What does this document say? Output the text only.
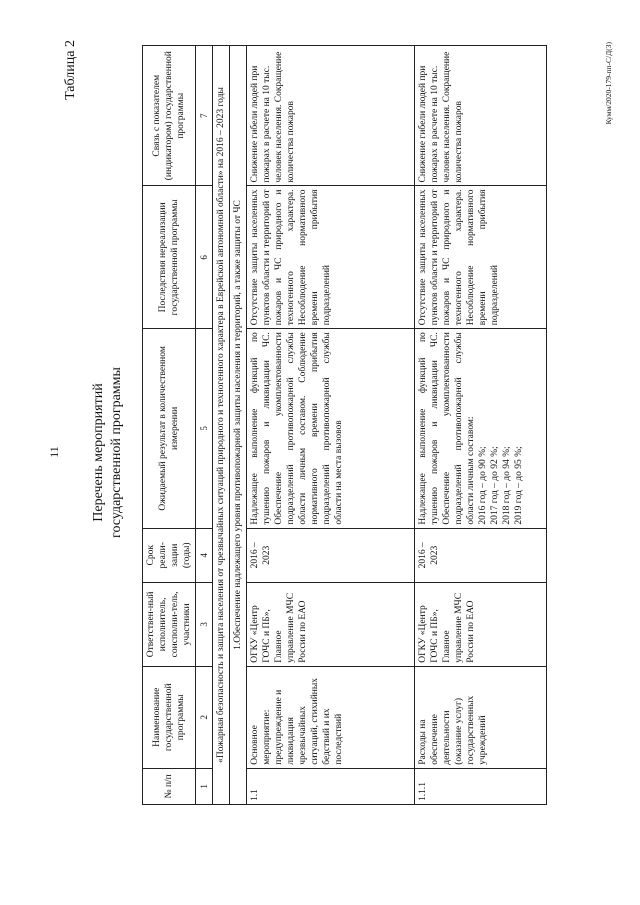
11
Таблица 2
Перечень мероприятий государственной программы
№ п/п	Наименование государственной программы	Ответствен-ный исполнитель, соисполни-тель, участники	Срок реали-зации (годы)	Ожидаемый результат в количественном измерении	Последствия нереализации государственной программы	Связь с показателем (индикатором) государственной программы
1	2	3	4	5	6	7
«Пожарная безопасность и защита населения от чрезвычайных ситуаций природного и техногенного характера в Еврейской автономной области» на 2016 – 2023 годы						
1.Обеспечение надлежащего уровня противопожарной защиты населения и территорий, а также защиты от ЧС						
1.1	Основное мероприятие: предупреждение и ликвидация чрезвычайных ситуаций, стихийных бедствий и их последствий	ОГКУ «Центр ГОЧС и ПБ», Главное управление МЧС России по ЕАО	2016 – 2023	Надлежащее выполнение функций по тушению пожаров и ликвидации ЧС. Обеспечение укомплектованности подразделений противопожарной службы области личным составом. Соблюдение нормативного времени прибытия подразделений противопожарной службы области на места вызовов	Отсутствие защиты населенных пунктов области и территорий от пожаров и ЧС природного и техногенного характера. Несоблюдение нормативного времени прибытия подразделений	Снижение гибели людей при пожарах в расчете на 10 тыс. человек населения. Сокращение количества пожаров
1.1.1	Расходы на обеспечение деятельности (оказание услуг) государственных учреждений	ОГКУ «Центр ГОЧС и ПБ», Главное управление МЧС России по ЕАО	2016 – 2023	Надлежащее выполнение функций по тушению пожаров и ликвидации ЧС. Обеспечение укомплектованности подразделений противопожарной службы области личным составом: 2016 год – до 90 %; 2017 год – до 92 %; 2018 год – до 94 %; 2019 год – до 95 %;	Отсутствие защиты населенных пунктов области и территорий от пожаров и ЧС природного и техногенного характера. Несоблюдение нормативного времени прибытия подразделений	Снижение гибели людей при пожарах в расчете на 10 тыс. человек населения. Сокращение количества пожаров
Кумм/2020-179-пп-С/Д(3)
